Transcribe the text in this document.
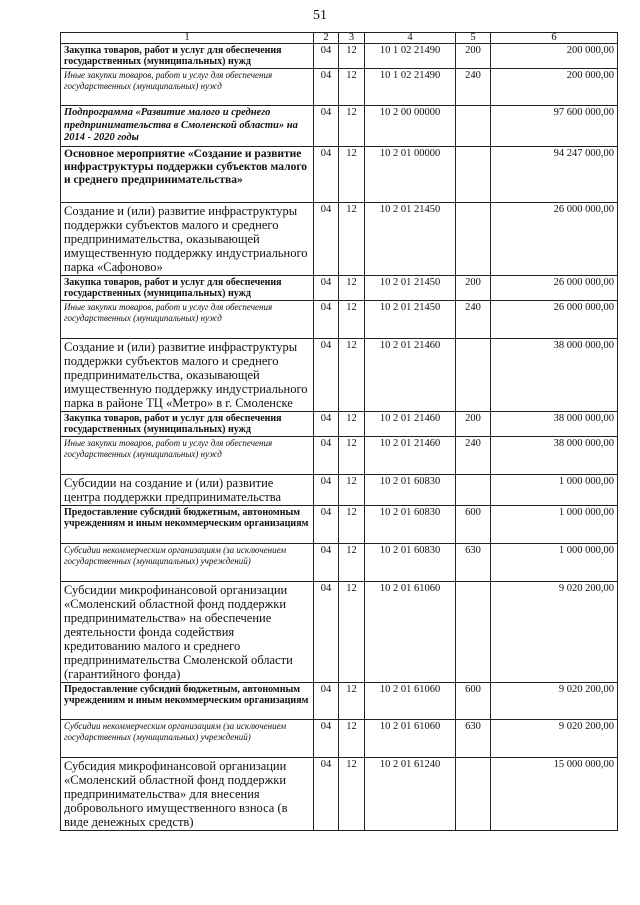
51
1	2	3	4	5	6
Закупка товаров, работ и услуг для обеспечения государственных (муниципальных) нужд	04	12	10 1 02 21490	200	200 000,00
Иные закупки товаров, работ и услуг для обеспечения государственных (муниципальных) нужд	04	12	10 1 02 21490	240	200 000,00
Подпрограмма «Развитие малого и среднего предпринимательства в Смоленской области» на 2014 - 2020 годы	04	12	10 2 00 00000		97 600 000,00
Основное мероприятие «Создание и развитие инфраструктуры поддержки субъектов малого и среднего предпринимательства»	04	12	10 2 01 00000		94 247 000,00
Создание и (или) развитие инфраструктуры поддержки субъектов малого и среднего предпринимательства, оказывающей имущественную поддержку индустриального парка «Сафоново»	04	12	10 2 01 21450		26 000 000,00
Закупка товаров, работ и услуг для обеспечения государственных (муниципальных) нужд	04	12	10 2 01 21450	200	26 000 000,00
Иные закупки товаров, работ и услуг для обеспечения государственных (муниципальных) нужд	04	12	10 2 01 21450	240	26 000 000,00
Создание и (или) развитие инфраструктуры поддержки субъектов малого и среднего предпринимательства, оказывающей имущественную поддержку индустриального парка в районе ТЦ «Метро» в г. Смоленске	04	12	10 2 01 21460		38 000 000,00
Закупка товаров, работ и услуг для обеспечения государственных (муниципальных) нужд	04	12	10 2 01 21460	200	38 000 000,00
Иные закупки товаров, работ и услуг для обеспечения государственных (муниципальных) нужд	04	12	10 2 01 21460	240	38 000 000,00
Субсидии на создание и (или) развитие центра поддержки предпринимательства	04	12	10 2 01 60830		1 000 000,00
Предоставление субсидий бюджетным, автономным учреждениям и иным некоммерческим организациям	04	12	10 2 01 60830	600	1 000 000,00
Субсидии некоммерческим организациям (за исключением государственных (муниципальных) учреждений)	04	12	10 2 01 60830	630	1 000 000,00
Субсидии микрофинансовой организации «Смоленский областной фонд поддержки предпринимательства» на обеспечение деятельности фонда содействия кредитованию малого и среднего предпринимательства Смоленской области (гарантийного фонда)	04	12	10 2 01 61060		9 020 200,00
Предоставление субсидий бюджетным, автономным учреждениям и иным некоммерческим организациям	04	12	10 2 01 61060	600	9 020 200,00
Субсидии некоммерческим организациям (за исключением государственных (муниципальных) учреждений)	04	12	10 2 01 61060	630	9 020 200,00
Субсидия микрофинансовой организации «Смоленский областной фонд поддержки предпринимательства» для внесения добровольного имущественного взноса (в виде денежных средств)	04	12	10 2 01 61240		15 000 000,00
